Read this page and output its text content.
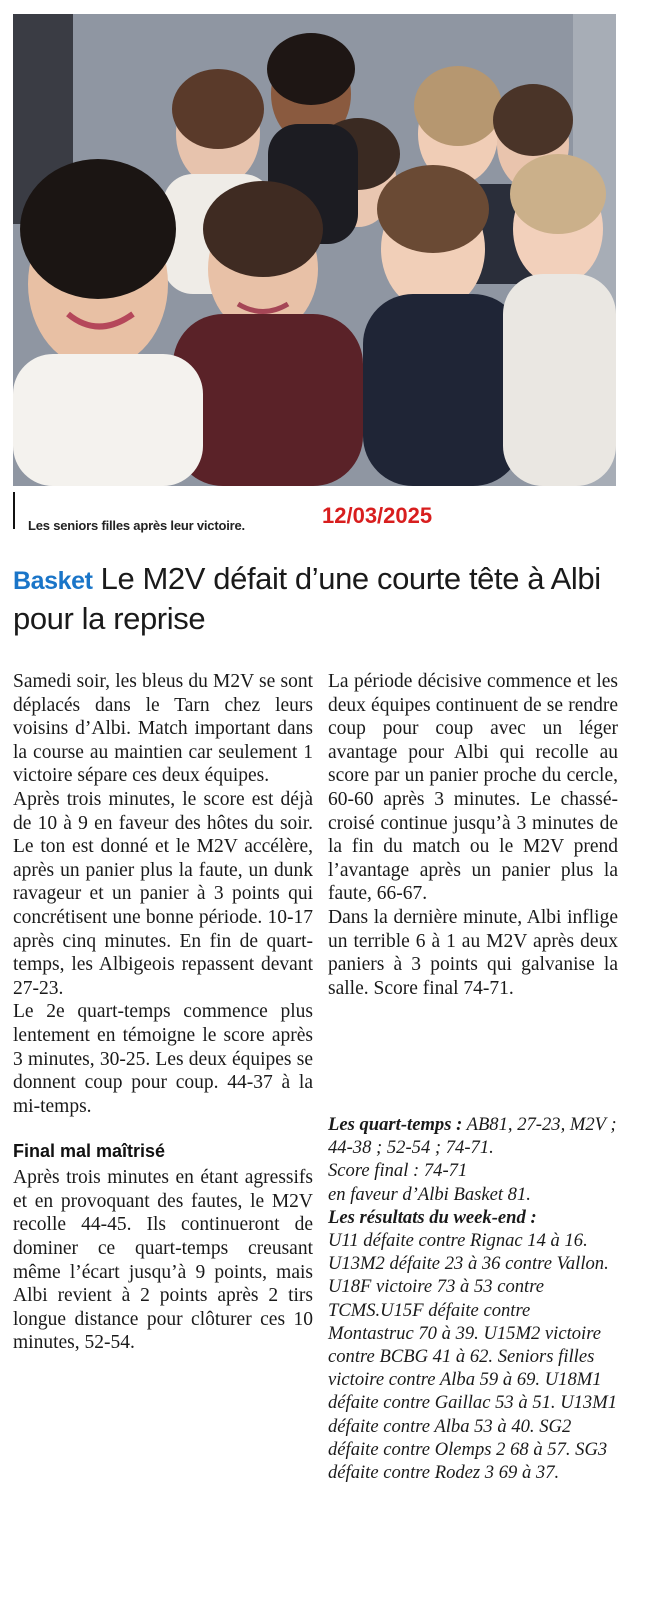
Les seniors filles après leur victoire.	12/03/2025
Basket Le M2V défait d’une courte tête à Albi pour la reprise

Samedi soir, les bleus du M2V se sont déplacés dans le Tarn chez leurs voisins d’Albi. Match important dans la course au maintien car seulement 1 victoire sépare ces deux équipes.

Après trois minutes, le score est déjà de 10 à 9 en faveur des hôtes du soir. Le ton est donné et le M2V accélère, après un panier plus la faute, un dunk ravageur et un panier à 3 points qui concrétisent une bonne période. 10-17 après cinq minutes. En fin de quart-temps, les Albigeois repassent devant 27-23.

Le 2e quart-temps commence plus lentement en témoigne le score après 3 minutes, 30-25. Les deux équipes se donnent coup pour coup. 44-37 à la mi-temps.

Final mal maîtrisé

Après trois minutes en étant agressifs et en provoquant des fautes, le M2V recolle 44-45. Ils continueront de dominer ce quart-temps creusant même l’écart jusqu’à 9 points, mais Albi revient à 2 points après 2 tirs longue distance pour clôturer ces 10 minutes, 52-54.

La période décisive commence et les deux équipes continuent de se rendre coup pour coup avec un léger avantage pour Albi qui recolle au score par un panier proche du cercle, 60-60 après 3 minutes. Le chassé-croisé continue jusqu’à 3 minutes de la fin du match ou le M2V prend l’avantage après un panier plus la faute, 66-67.

Dans la dernière minute, Albi inflige un terrible 6 à 1 au M2V après deux paniers à 3 points qui galvanise la salle. Score final 74-71.

Les quart-temps : AB81, 27-23, M2V ; 44-38 ; 52-54 ; 74-71.

Score final : 74-71

en faveur d’Albi Basket 81.

Les résultats du week-end :

U11 défaite contre Rignac 14 à 16. U13M2 défaite 23 à 36 contre Vallon. U18F victoire 73 à 53 contre TCMS.U15F défaite contre Montastruc 70 à 39. U15M2 victoire contre BCBG 41 à 62. Seniors filles victoire contre Alba 59 à 69. U18M1 défaite contre Gaillac 53 à 51. U13M1 défaite contre Alba 53 à 40. SG2 défaite contre Olemps 2 68 à 57. SG3 défaite contre Rodez 3 69 à 37.
